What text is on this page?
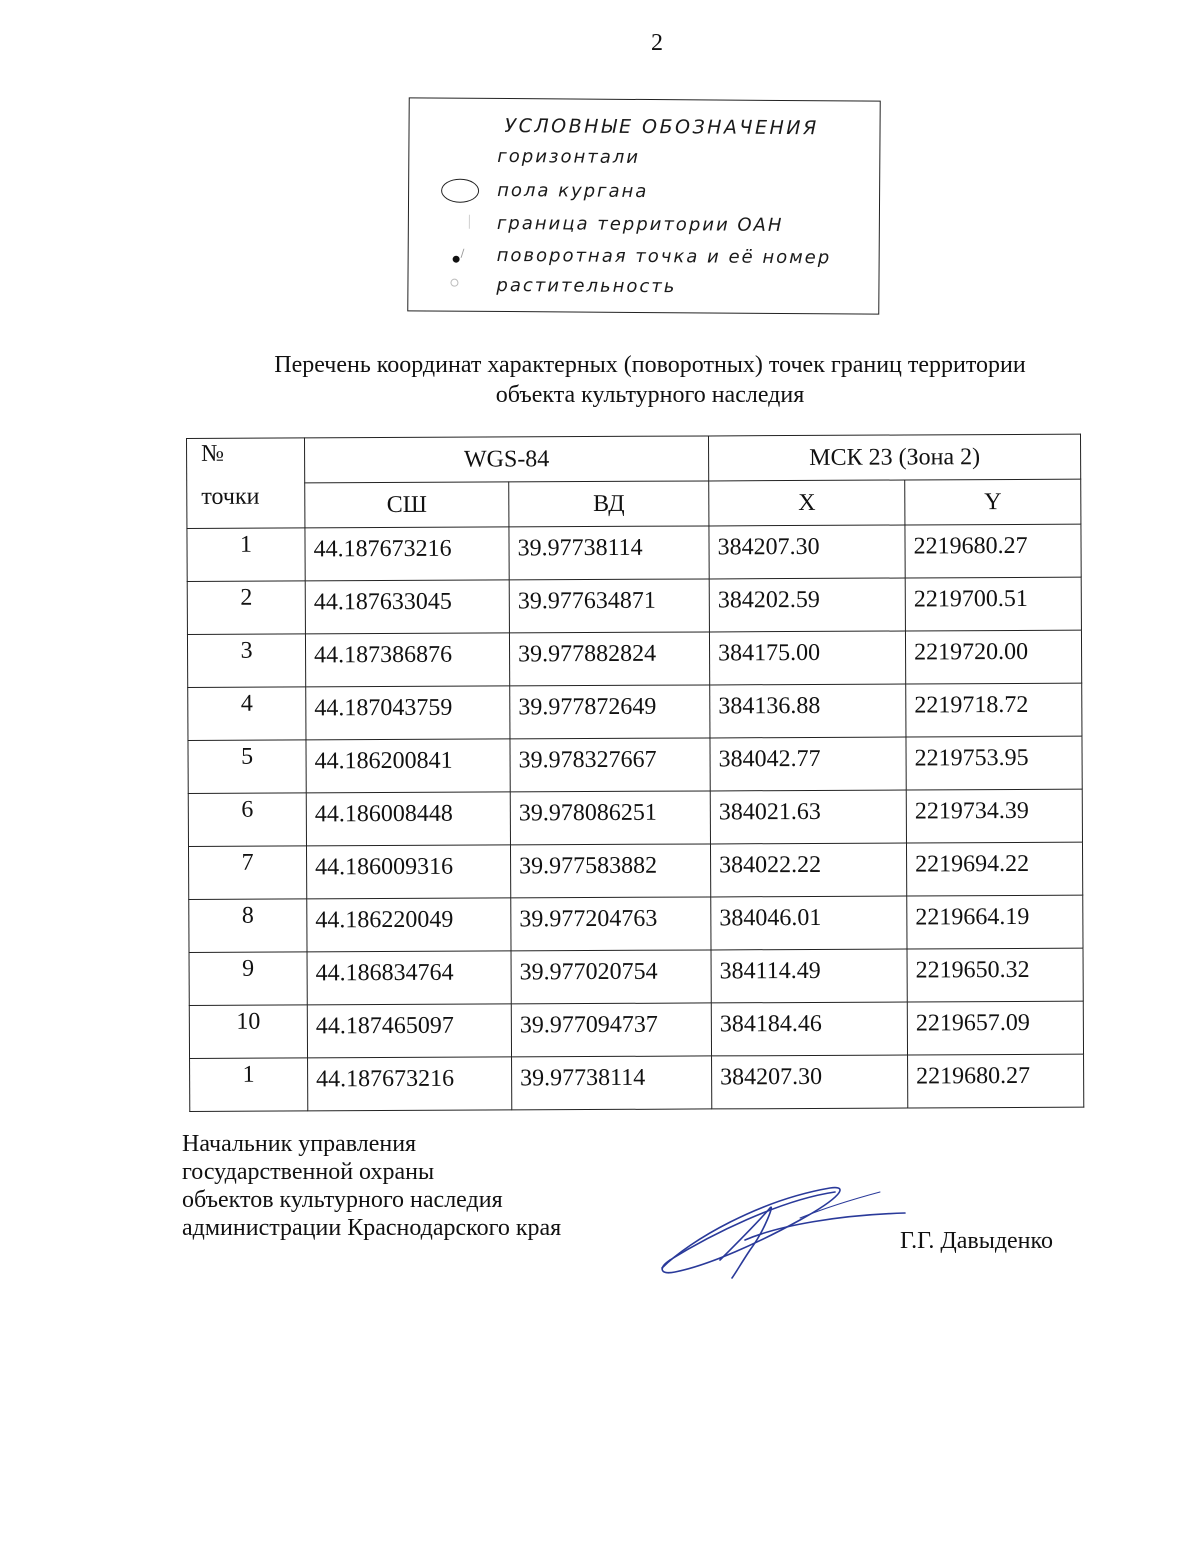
2
УСЛОВНЫЕ ОБОЗНАЧЕНИЯ
горизонтали
пола кургана
граница территории ОАН
/ поворотная точка и её номер
растительность
Перечень координат характерных (поворотных) точек границ территории
объекта культурного наследия
№
точки	WGS-84		МСК 23 (Зона 2)	
	СШ	ВД	X	Y
1	44.187673216	39.97738114	384207.30	2219680.27
2	44.187633045	39.977634871	384202.59	2219700.51
3	44.187386876	39.977882824	384175.00	2219720.00
4	44.187043759	39.977872649	384136.88	2219718.72
5	44.186200841	39.978327667	384042.77	2219753.95
6	44.186008448	39.978086251	384021.63	2219734.39
7	44.186009316	39.977583882	384022.22	2219694.22
8	44.186220049	39.977204763	384046.01	2219664.19
9	44.186834764	39.977020754	384114.49	2219650.32
10	44.187465097	39.977094737	384184.46	2219657.09
1	44.187673216	39.97738114	384207.30	2219680.27
Начальник управления
государственной охраны
объектов культурного наследия
администрации Краснодарского края	Г.Г. Давыденко
